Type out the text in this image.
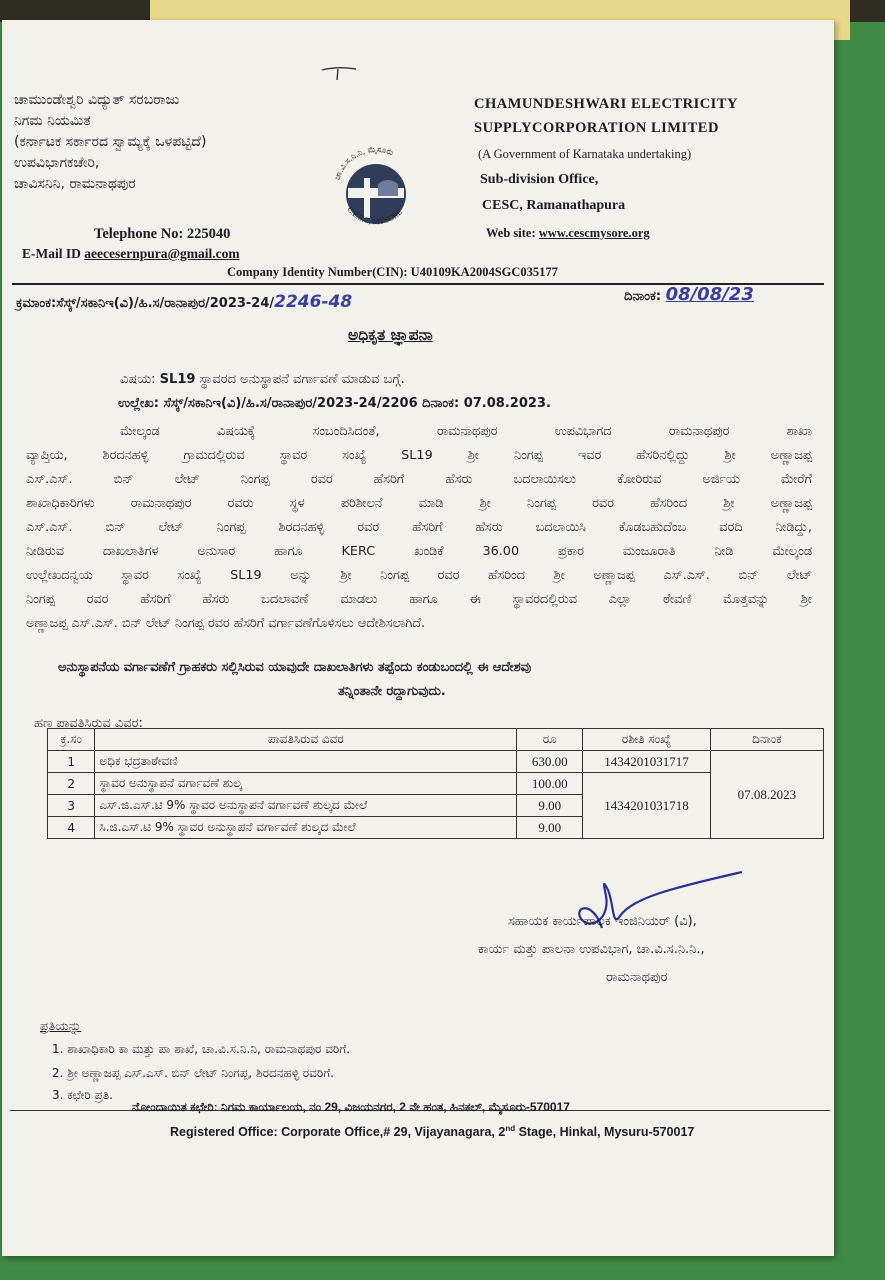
ಚಾಮುಂಡೇಶ್ವರಿ ವಿದ್ಯುತ್ ಸರಬರಾಜು
ನಿಗಮ ನಿಯಮಿತ
(ಕರ್ನಾಟಕ ಸರ್ಕಾರದ ಸ್ವಾಮ್ಯಕ್ಕೆ ಒಳಪಟ್ಟಿದೆ)
ಉಪವಿಭಾಗಕಚೇರಿ,
ಚಾವಿಸನಿನಿ, ರಾಮನಾಥಪುರ
ಚಾ.ವಿ.ಸ.ನಿ.ನಿ, ಮೈಸೂರು
C.E.S.C, MYSORE
CHAMUNDESHWARI ELECTRICITY
SUPPLYCORPORATION LIMITED
(A Government of Karnataka undertaking)
Sub-division Office,
CESC, Ramanathapura
Web site: www.cescmysore.org
Telephone No: 225040
E-Mail ID aeecesernpura@gmail.com
Company Identity Number(CIN): U40109KA2004SGC035177
ಕ್ರಮಾಂಕ:ಸೆಸ್ಕ್/ಸಕಾನಿಇ(ವಿ)/ಹಿ.ಸ/ರಾನಾಪುರ/2023-24/2246-48	ದಿನಾಂಕ: 08/08/23
ಅಧಿಕೃತ ಜ್ಞಾಪನಾ
ವಿಷಯ: SL19 ಸ್ಥಾವರದ ಅನುಸ್ಥಾಪನೆ ವರ್ಗಾವಣೆ ಮಾಡುವ ಬಗ್ಗೆ.
ಉಲ್ಲೇಖ: ಸೆಸ್ಕ್/ಸಕಾನಿಇ(ವಿ)/ಹಿ.ಸ/ರಾನಾಪುರ/2023-24/2206 ದಿನಾಂಕ: 07.08.2023.

ಮೇಲ್ಕಂಡ ವಿಷಯಕ್ಕೆ ಸಂಬಂದಿಸಿದಂತೆ, ರಾಮನಾಥಪುರ ಉಪವಿಭಾಗದ ರಾಮನಾಥಪುರ ಶಾಖಾ

ವ್ಯಾಪ್ತಿಯ, ಶಿರದನಹಳ್ಳಿ ಗ್ರಾಮದಲ್ಲಿರುವ ಸ್ಥಾವರ ಸಂಖ್ಯೆ SL19 ಶ್ರೀ ನಿಂಗಪ್ಪ ಇವರ ಹೆಸರಿನಲ್ಲಿದ್ದು ಶ್ರೀ ಅಣ್ಣಾಜಪ್ಪ

ಎಸ್.ಎಸ್. ಬಿನ್ ಲೇಟ್ ನಿಂಗಪ್ಪ ರವರ ಹೆಸರಿಗೆ ಹೆಸರು ಬದಲಾಯಿಸಲು ಕೋರಿರುವ ಅರ್ಜಿಯ ಮೇರೆಗೆ

ಶಾಖಾಧಿಕಾರಿಗಳು ರಾಮನಾಥಪುರ ರವರು ಸ್ಥಳ ಪರಿಶೀಲನೆ ಮಾಡಿ ಶ್ರೀ ನಿಂಗಪ್ಪ ರವರ ಹೆಸರಿಂದ ಶ್ರೀ ಅಣ್ಣಾಜಪ್ಪ

ಎಸ್.ಎಸ್. ಬಿನ್ ಲೇಟ್ ನಿಂಗಪ್ಪ ಶಿರದನಹಳ್ಳಿ ರವರ ಹೆಸರಿಗೆ ಹೆಸರು ಬದಲಾಯಿಸಿ ಕೊಡಬಹುದೆಂಬ ವರದಿ ನೀಡಿದ್ದು,

ನೀಡಿರುವ ದಾಖಲಾತಿಗಳ ಅನುಸಾರ ಹಾಗೂ KERC ಖಂಡಿಕೆ 36.00 ಪ್ರಕಾರ ಮಂಜೂರಾತಿ ನೀಡಿ ಮೇಲ್ಕಂಡ

ಉಲ್ಲೇಖದನ್ವಯ ಸ್ಥಾವರ ಸಂಖ್ಯೆ SL19 ಅನ್ನು ಶ್ರೀ ನಿಂಗಪ್ಪ ರವರ ಹೆಸರಿಂದ ಶ್ರೀ ಅಣ್ಣಾಜಪ್ಪ ಎಸ್.ಎಸ್. ಬಿನ್ ಲೇಟ್

ನಿಂಗಪ್ಪ ರವರ ಹೆಸರಿಗೆ ಹೆಸರು ಬದಲಾವಣೆ ಮಾಡಲು ಹಾಗೂ ಈ ಸ್ಥಾವರದಲ್ಲಿರುವ ಎಲ್ಲಾ ಠೇವಣಿ ಮೊತ್ತವನ್ನು ಶ್ರೀ

ಅಣ್ಣಾಜಪ್ಪ ಎಸ್.ಎಸ್. ಬಿನ್ ಲೇಟ್ ನಿಂಗಪ್ಪ ರವರ ಹೆಸರಿಗೆ ವರ್ಗಾವಣೆಗೊಳಿಸಲು ಆದೇಶಿಸಲಾಗಿದೆ.

ಅನುಸ್ಥಾಪನೆಯ ವರ್ಗಾವಣೆಗೆ ಗ್ರಾಹಕರು ಸಲ್ಲಿಸಿರುವ ಯಾವುದೇ ದಾಖಲಾತಿಗಳು ತಪ್ಪೆಂದು ಕಂಡುಬಂದಲ್ಲಿ ಈ ಆದೇಶವು
ತನ್ನಿಂತಾನೇ ರದ್ದಾಗುವುದು.
ಹಣ ಪಾವತಿಸಿರುವ ವಿವರ:
ಕ್ರ.ಸಂ	ಪಾವತಿಸಿರುವ ವಿವರ	ರೂ	ರಶೀತಿ ಸಂಖ್ಯೆ	ದಿನಾಂಕ
1	ಅಧಿಕ ಭದ್ರತಾಠೇವಣಿ	630.00	1434201031717	07.08.2023
2	ಸ್ಥಾವರ ಅನುಸ್ಥಾಪನೆ ವರ್ಗಾವಣೆ ಶುಲ್ಕ	100.00	1434201031718	
3	ಎಸ್.ಜಿ.ಎಸ್.ಟಿ 9% ಸ್ಥಾವರ ಅನುಸ್ಥಾಪನೆ ವರ್ಗಾವಣೆ ಶುಲ್ಕದ ಮೇಲೆ	9.00		
4	ಸಿ.ಜಿ.ಎಸ್.ಟಿ 9% ಸ್ಥಾವರ ಅನುಸ್ಥಾಪನೆ ವರ್ಗಾವಣೆ ಶುಲ್ಕದ ಮೇಲೆ	9.00		
ಸಹಾಯಕ ಕಾರ್ಯಪಾಲಕ ಇಂಜಿನಿಯರ್ (ವಿ),
ಕಾರ್ಯ ಮತ್ತು ಪಾಲನಾ ಉಪವಿಭಾಗ, ಚಾ.ವಿ.ಸ.ನಿ.ನಿ.,
ರಾಮನಾಥಪುರ
ಪ್ರತಿಯನ್ನು
1. ಶಾಖಾಧಿಕಾರಿ ಕಾ ಮತ್ತು ಪಾ ಶಾಖೆ, ಚಾ.ವಿ.ಸ.ನಿ.ನಿ, ರಾಮನಾಥಪುರ ವರಿಗೆ.
2. ಶ್ರೀ ಅಣ್ಣಾಜಪ್ಪ ಎಸ್.ಎಸ್. ಬಿನ್ ಲೇಟ್ ನಿಂಗಪ್ಪ, ಶಿರದನಹಳ್ಳಿ ರವರಿಗೆ.
3. ಕಛೇರಿ ಪ್ರತಿ.
ನೋಂದಾಯಿತ ಕಛೇರಿ: ನಿಗಮ ಕಾರ್ಯಾಲಯ, ನಂ 29, ವಿಜಯನಗರ, 2 ನೇ ಹಂತ, ಹಿನಕಲ್, ಮೈಸೂರು-570017
Registered Office: Corporate Office,# 29, Vijayanagara, 2nd Stage, Hinkal, Mysuru-570017
